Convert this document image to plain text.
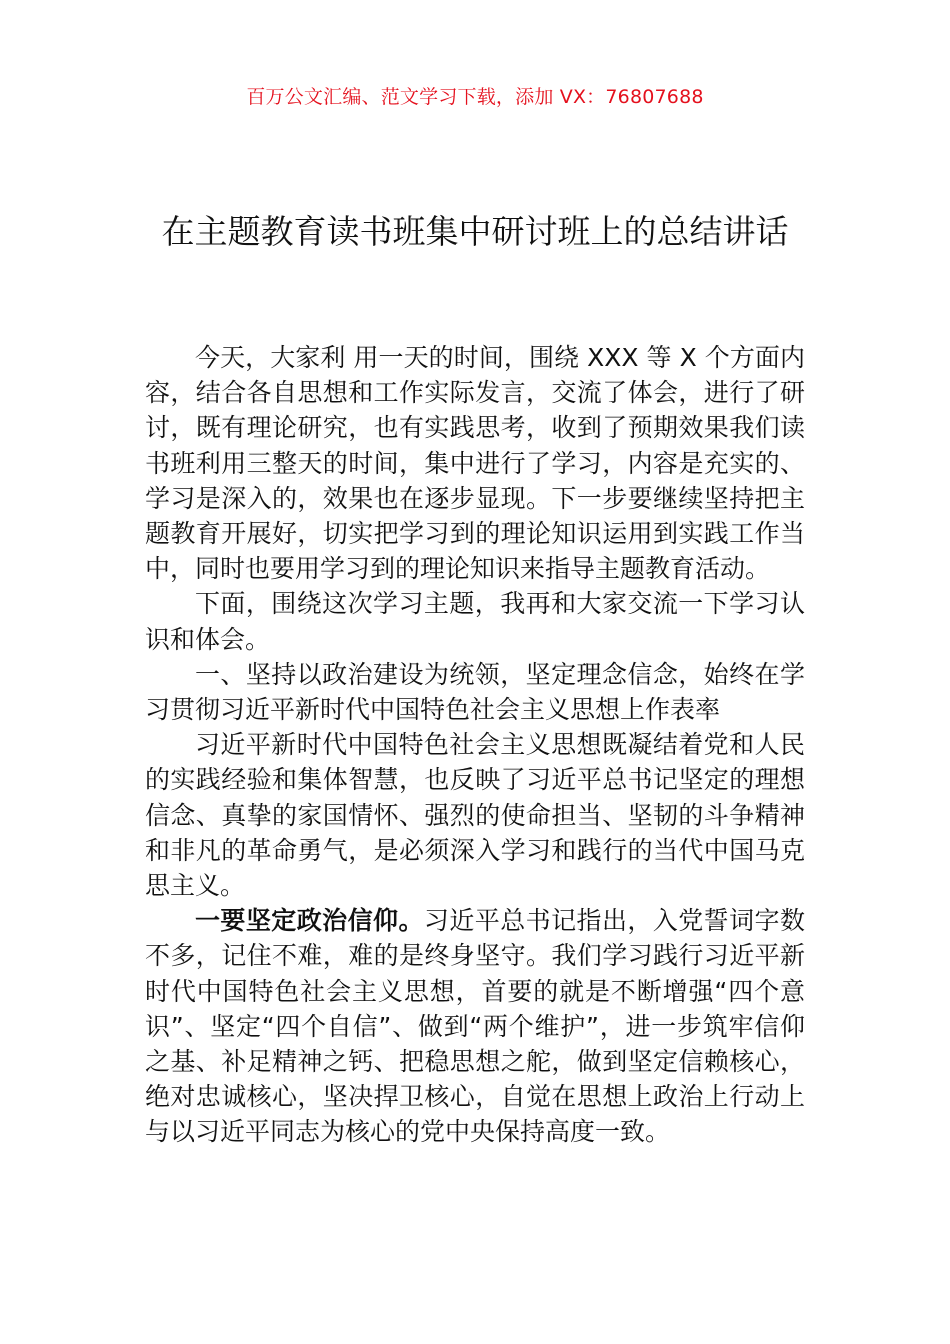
百万公文汇编、范文学习下载，添加 VX：76807688
在主题教育读书班集中研讨班上的总结讲话

今天，大家利 用一天的时间，围绕 XXX 等 X 个方面内容，结合各自思想和工作实际发言，交流了体会，进行了研讨，既有理论研究，也有实践思考，收到了预期效果我们读书班利用三整天的时间，集中进行了学习，内容是充实的、学习是深入的，效果也在逐步显现。下一步要继续坚持把主题教育开展好，切实把学习到的理论知识运用到实践工作当中，同时也要用学习到的理论知识来指导主题教育活动。

下面，围绕这次学习主题，我再和大家交流一下学习认识和体会。

一、坚持以政治建设为统领，坚定理念信念，始终在学习贯彻习近平新时代中国特色社会主义思想上作表率

习近平新时代中国特色社会主义思想既凝结着党和人民的实践经验和集体智慧，也反映了习近平总书记坚定的理想信念、真挚的家国情怀、强烈的使命担当、坚韧的斗争精神和非凡的革命勇气，是必须深入学习和践行的当代中国马克思主义。

一要坚定政治信仰。习近平总书记指出，入党誓词字数不多，记住不难，难的是终身坚守。我们学习践行习近平新时代中国特色社会主义思想，首要的就是不断增强“四个意识”、坚定“四个自信”、做到“两个维护”，进一步筑牢信仰之基、补足精神之钙、把稳思想之舵，做到坚定信赖核心，绝对忠诚核心，坚决捍卫核心，自觉在思想上政治上行动上与以习近平同志为核心的党中央保持高度一致。
